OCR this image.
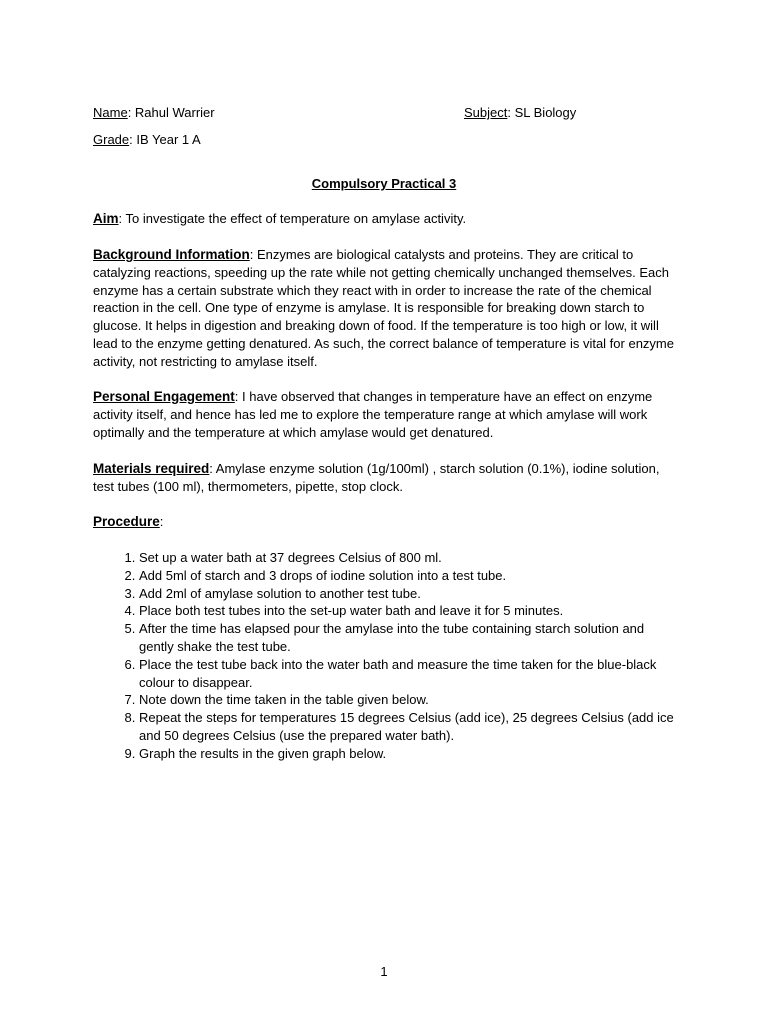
Name: Rahul Warrier	Subject: SL Biology
Grade: IB Year 1 A
Compulsory Practical 3

Aim: To investigate the effect of temperature on amylase activity.

Background Information: Enzymes are biological catalysts and proteins. They are critical to catalyzing reactions, speeding up the rate while not getting chemically unchanged themselves. Each enzyme has a certain substrate which they react with in order to increase the rate of the chemical reaction in the cell. One type of enzyme is amylase. It is responsible for breaking down starch to glucose. It helps in digestion and breaking down of food. If the temperature is too high or low, it will lead to the enzyme getting denatured. As such, the correct balance of temperature is vital for enzyme activity, not restricting to amylase itself.

Personal Engagement: I have observed that changes in temperature have an effect on enzyme activity itself, and hence has led me to explore the temperature range at which amylase will work optimally and the temperature at which amylase would get denatured.

Materials required: Amylase enzyme solution (1g/100ml) , starch solution (0.1%), iodine solution, test tubes (100 ml), thermometers, pipette, stop clock.

Procedure:
1. Set up a water bath at 37 degrees Celsius of 800 ml.
2. Add 5ml of starch and 3 drops of iodine solution into a test tube.
3. Add 2ml of amylase solution to another test tube.
4. Place both test tubes into the set-up water bath and leave it for 5 minutes.
5. After the time has elapsed pour the amylase into the tube containing starch solution and gently shake the test tube.
6. Place the test tube back into the water bath and measure the time taken for the blue-black colour to disappear.
7. Note down the time taken in the table given below.
8. Repeat the steps for temperatures 15 degrees Celsius (add ice), 25 degrees Celsius (add ice and 50 degrees Celsius (use the prepared water bath).
9. Graph the results in the given graph below.
1
